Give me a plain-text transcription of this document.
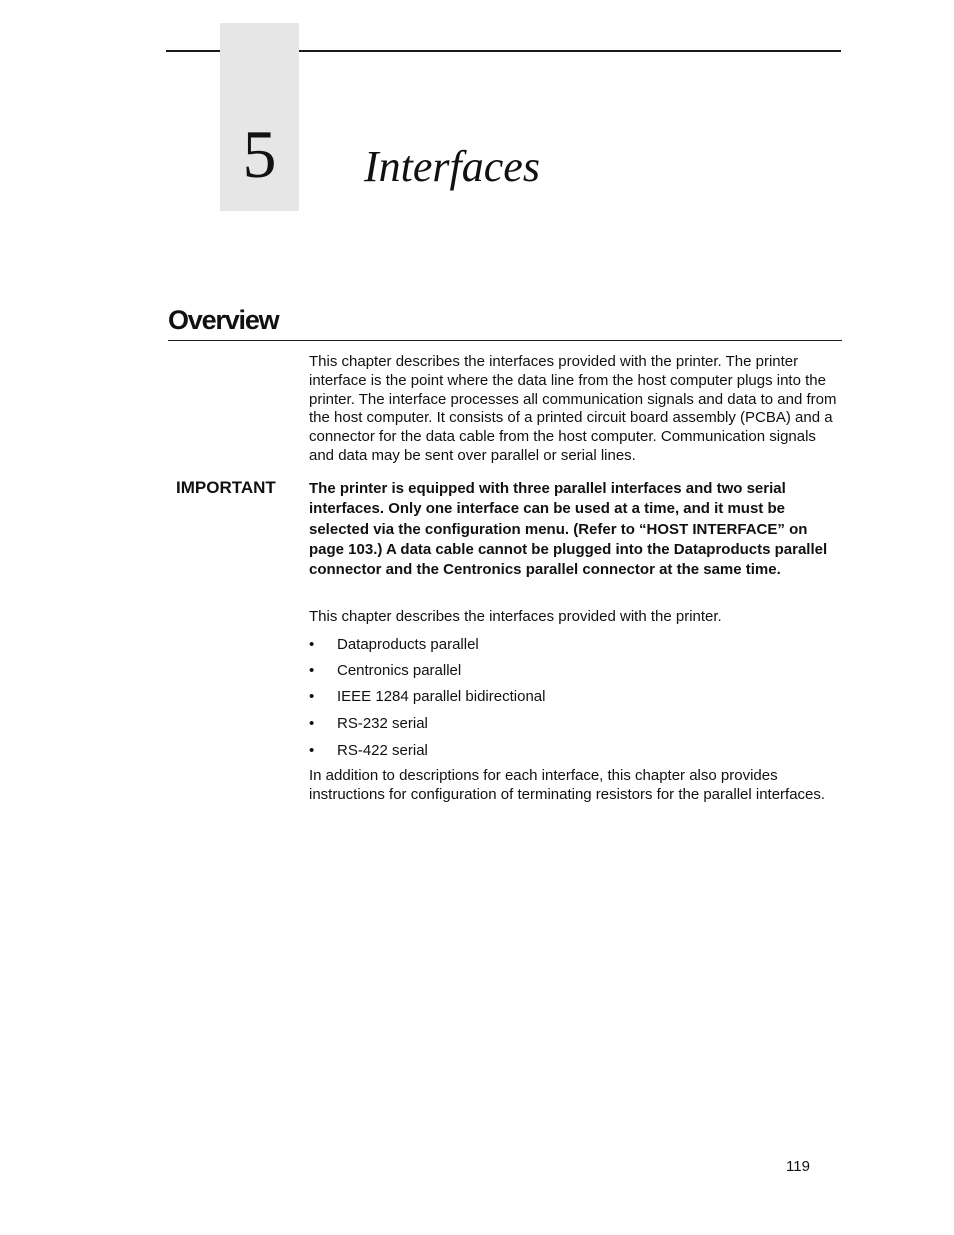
5	Interfaces
Overview

This chapter describes the interfaces provided with the printer. The printer interface is the point where the data line from the host computer plugs into the printer. The interface processes all communication signals and data to and from the host computer. It consists of a printed circuit board assembly (PCBA) and a connector for the data cable from the host computer. Communication signals and data may be sent over parallel or serial lines.

IMPORTANT The printer is equipped with three parallel interfaces and two serial interfaces. Only one interface can be used at a time, and it must be selected via the configuration menu. (Refer to “HOST INTERFACE” on page 103.) A data cable cannot be plugged into the Dataproducts parallel connector and the Centronics parallel connector at the same time.

This chapter describes the interfaces provided with the printer.

• Dataproducts parallel
• Centronics parallel
• IEEE 1284 parallel bidirectional
• RS-232 serial
• RS-422 serial

In addition to descriptions for each interface, this chapter also provides instructions for configuration of terminating resistors for the parallel interfaces.

119
